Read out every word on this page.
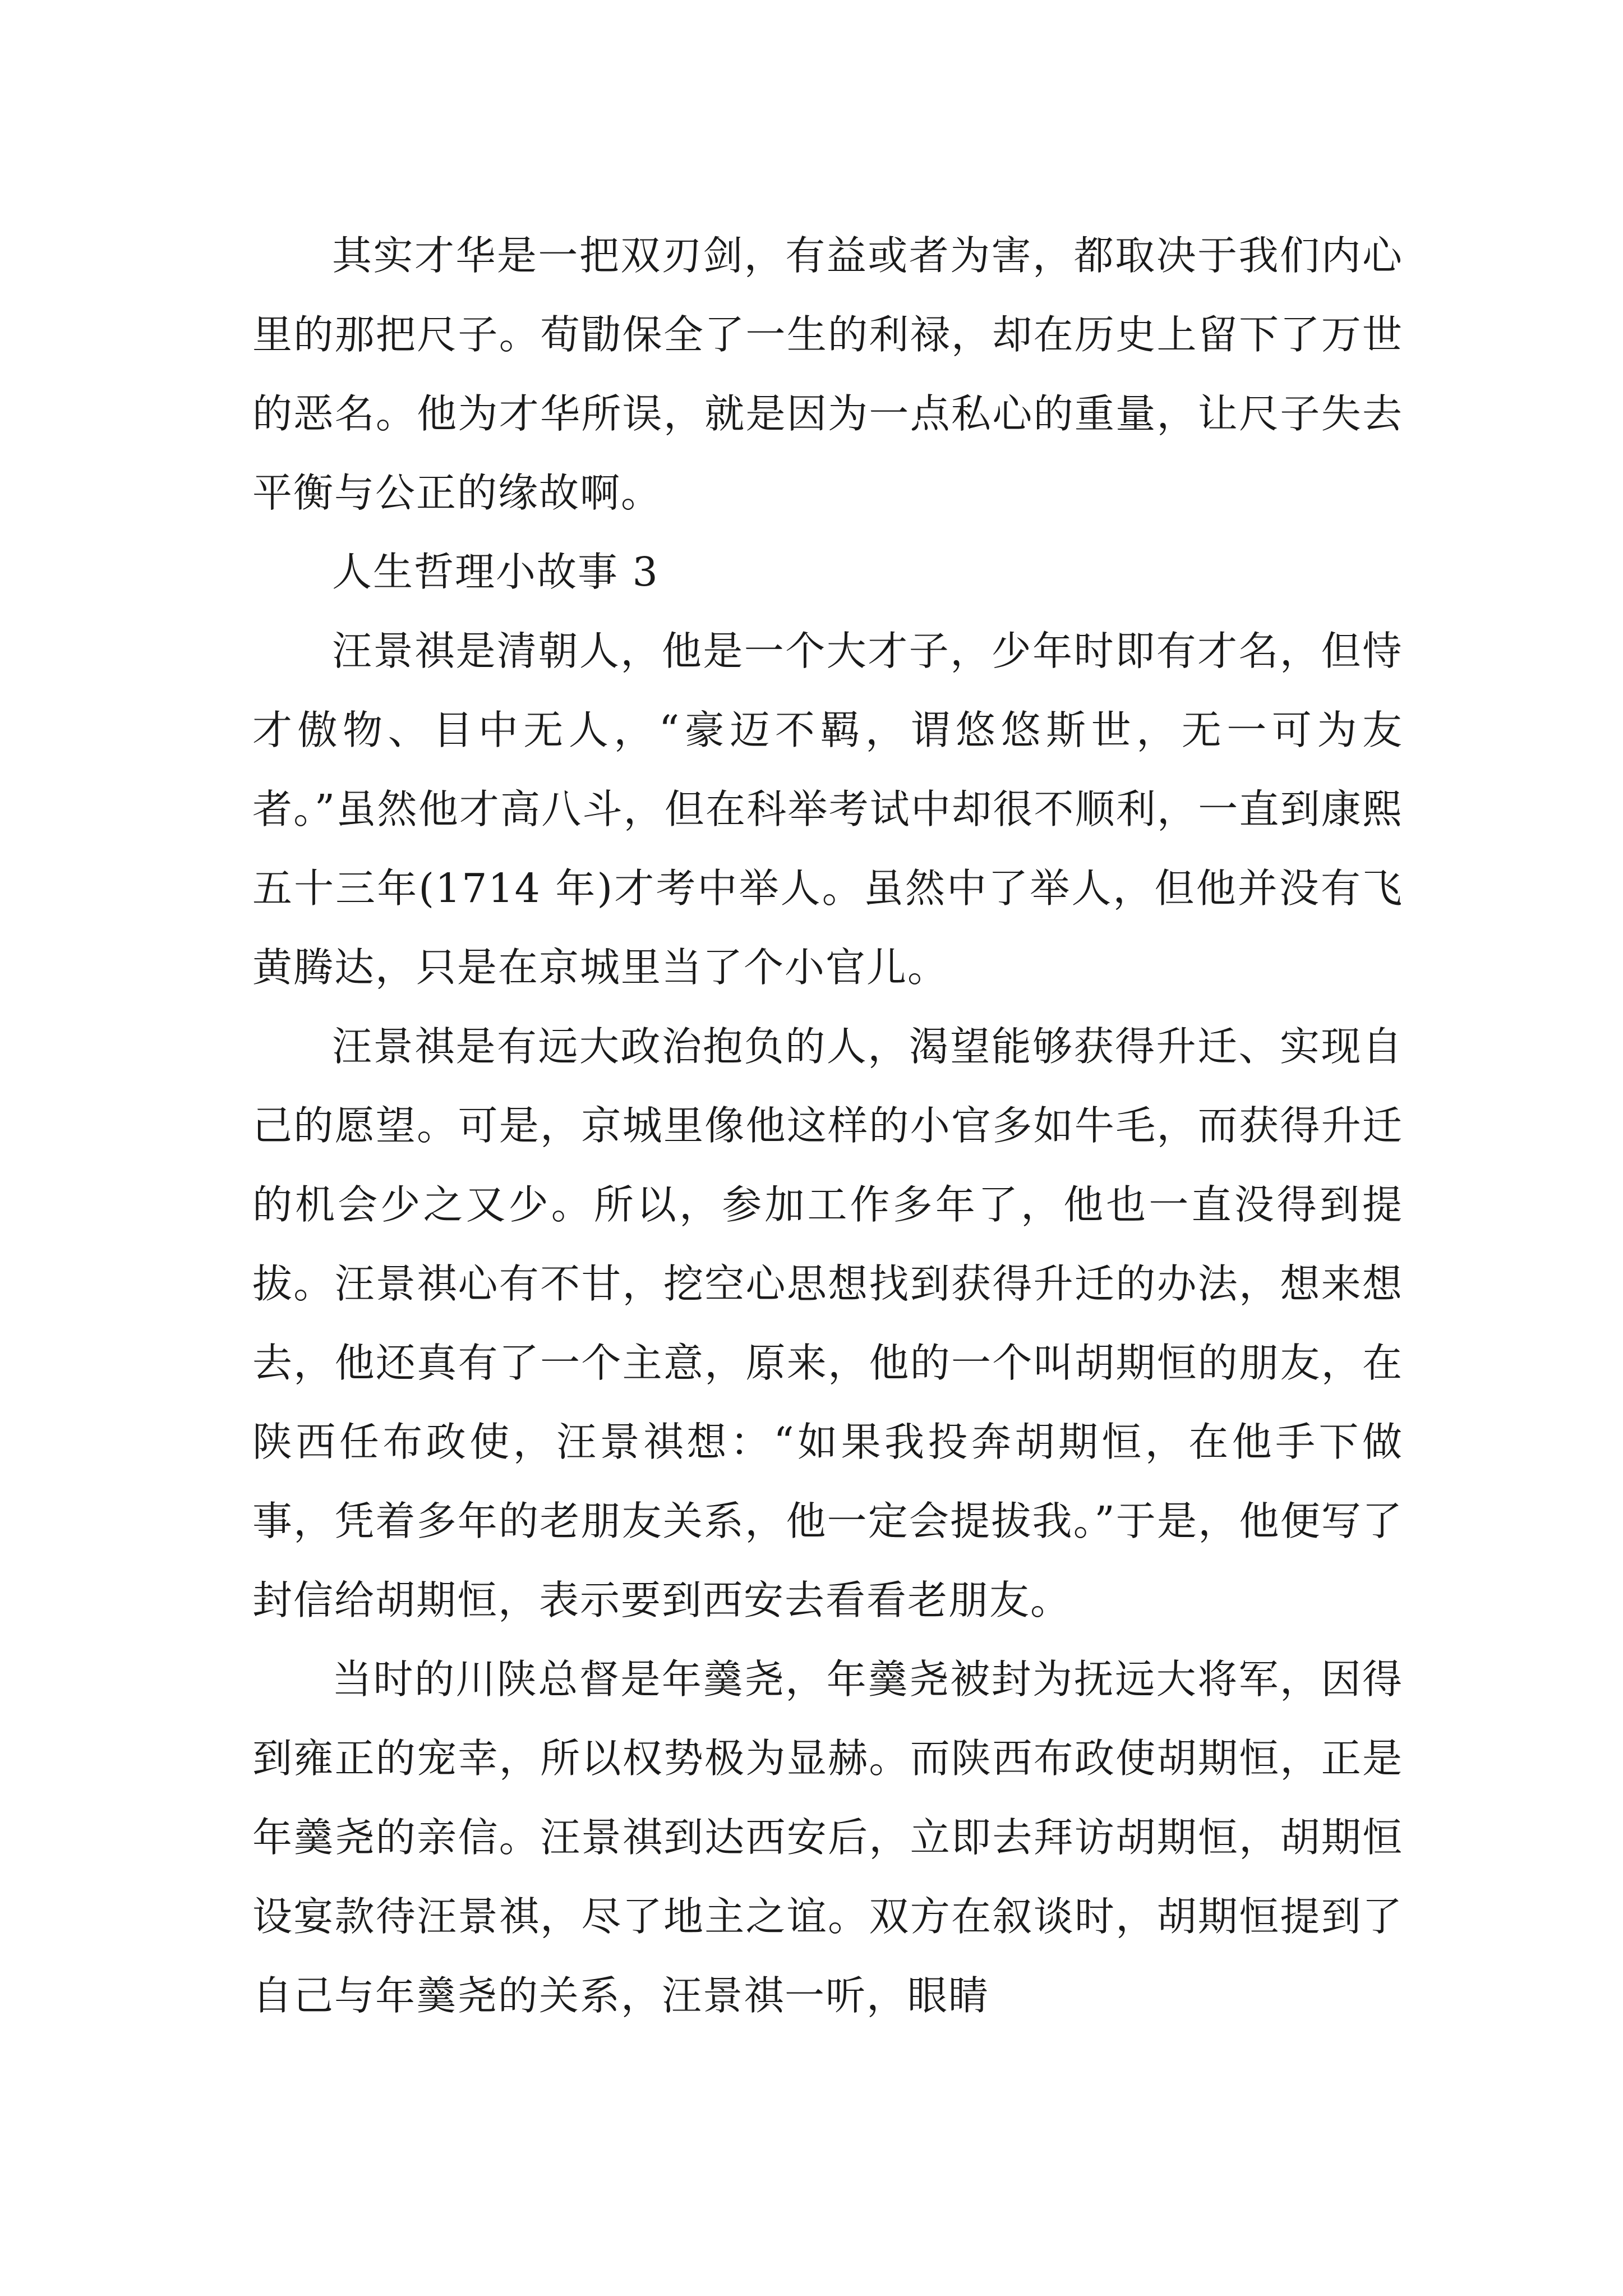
其实才华是一把双刃剑，有益或者为害，都取决于我们内心里的那把尺子。荀勖保全了一生的利禄，却在历史上留下了万世的恶名。他为才华所误，就是因为一点私心的重量，让尺子失去平衡与公正的缘故啊。

人生哲理小故事 3

汪景祺是清朝人，他是一个大才子，少年时即有才名，但恃才傲物、目中无人，“豪迈不羁，谓悠悠斯世，无一可为友者。”虽然他才高八斗，但在科举考试中却很不顺利，一直到康熙五十三年(1714 年)才考中举人。虽然中了举人，但他并没有飞黄腾达，只是在京城里当了个小官儿。

汪景祺是有远大政治抱负的人，渴望能够获得升迁、实现自己的愿望。可是，京城里像他这样的小官多如牛毛，而获得升迁的机会少之又少。所以，参加工作多年了，他也一直没得到提拔。汪景祺心有不甘，挖空心思想找到获得升迁的办法，想来想去，他还真有了一个主意，原来，他的一个叫胡期恒的朋友，在陕西任布政使，汪景祺想：“如果我投奔胡期恒，在他手下做事，凭着多年的老朋友关系，他一定会提拔我。”于是，他便写了封信给胡期恒，表示要到西安去看看老朋友。

当时的川陕总督是年羹尧，年羹尧被封为抚远大将军，因得到雍正的宠幸，所以权势极为显赫。而陕西布政使胡期恒，正是年羹尧的亲信。汪景祺到达西安后，立即去拜访胡期恒，胡期恒设宴款待汪景祺，尽了地主之谊。双方在叙谈时，胡期恒提到了自己与年羹尧的关系，汪景祺一听，眼睛
